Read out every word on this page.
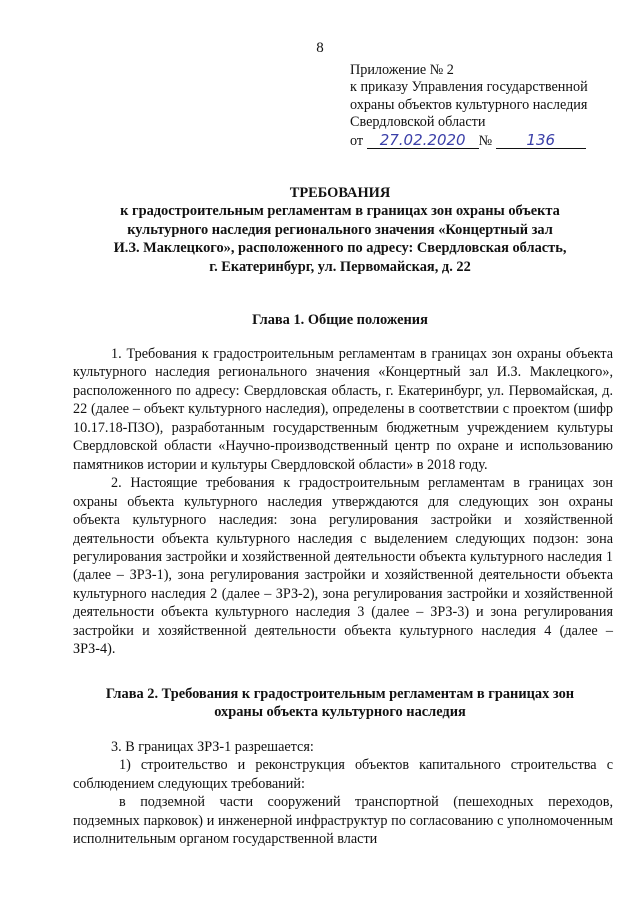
8
Приложение № 2
к приказу Управления государственной
охраны объектов культурного наследия
Свердловской области
от 27.02.2020 № 136
ТРЕБОВАНИЯ
к градостроительным регламентам в границах зон охраны объекта
культурного наследия регионального значения «Концертный зал
И.З. Маклецкого», расположенного по адресу: Свердловская область,
г. Екатеринбург, ул. Первомайская, д. 22
Глава 1. Общие положения

1. Требования к градостроительным регламентам в границах зон охраны объекта культурного наследия регионального значения «Концертный зал И.З. Маклецкого», расположенного по адресу: Свердловская область, г. Екатеринбург, ул. Первомайская, д. 22 (далее – объект культурного наследия), определены в соответствии с проектом (шифр 10.17.18-ПЗО), разработанным государственным бюджетным учреждением культуры Свердловской области «Научно-производственный центр по охране и использованию памятников истории и культуры Свердловской области» в 2018 году.

2. Настоящие требования к градостроительным регламентам в границах зон охраны объекта культурного наследия утверждаются для следующих зон охраны объекта культурного наследия: зона регулирования застройки и хозяйственной деятельности объекта культурного наследия с выделением следующих подзон: зона регулирования застройки и хозяйственной деятельности объекта культурного наследия 1 (далее – ЗРЗ-1), зона регулирования застройки и хозяйственной деятельности объекта культурного наследия 2 (далее – ЗРЗ-2), зона регулирования застройки и хозяйственной деятельности объекта культурного наследия 3 (далее – ЗРЗ-3) и зона регулирования застройки и хозяйственной деятельности объекта культурного наследия 4 (далее – ЗРЗ-4).

Глава 2. Требования к градостроительным регламентам в границах зон
охраны объекта культурного наследия

3. В границах ЗРЗ-1 разрешается:

1) строительство и реконструкция объектов капитального строительства с соблюдением следующих требований:

в подземной части сооружений транспортной (пешеходных переходов, подземных парковок) и инженерной инфраструктур по согласованию с уполномоченным исполнительным органом государственной власти
